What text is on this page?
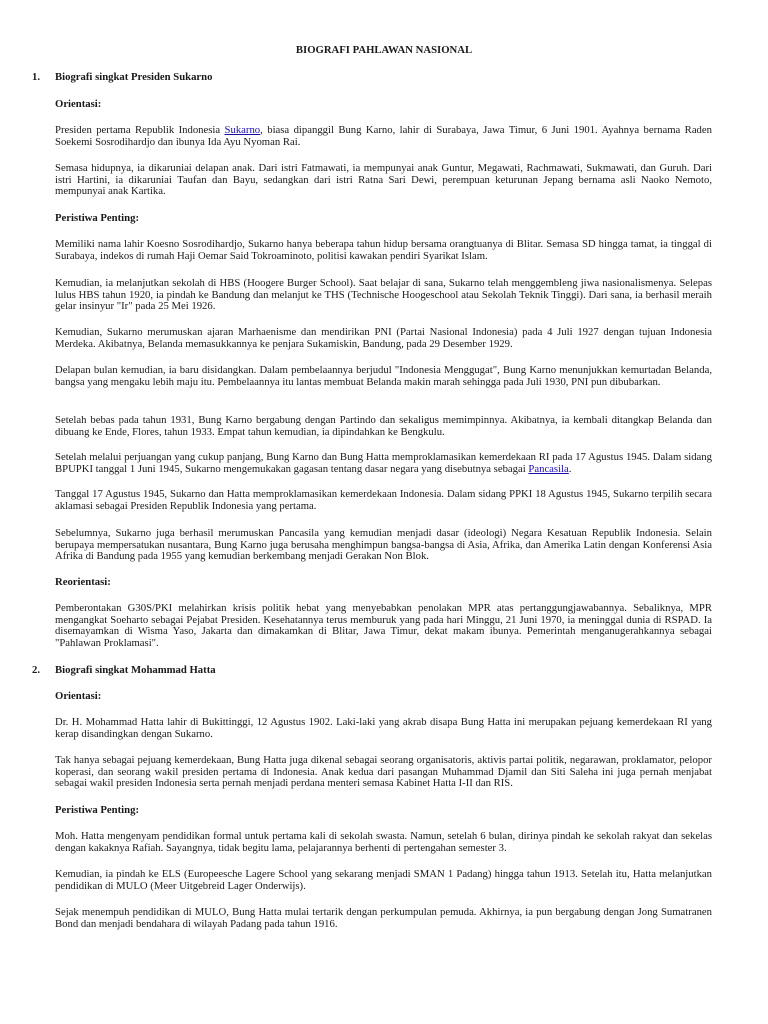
BIOGRAFI PAHLAWAN NASIONAL
1. Biografi singkat Presiden Sukarno
Orientasi:

Presiden pertama Republik Indonesia Sukarno, biasa dipanggil Bung Karno, lahir di Surabaya, Jawa Timur, 6 Juni 1901. Ayahnya bernama Raden Soekemi Sosrodihardjo dan ibunya Ida Ayu Nyoman Rai.

Semasa hidupnya, ia dikaruniai delapan anak. Dari istri Fatmawati, ia mempunyai anak Guntur, Megawati, Rachmawati, Sukmawati, dan Guruh. Dari istri Hartini, ia dikaruniai Taufan dan Bayu, sedangkan dari istri Ratna Sari Dewi, perempuan keturunan Jepang bernama asli Naoko Nemoto, mempunyai anak Kartika.

Peristiwa Penting:

Memiliki nama lahir Koesno Sosrodihardjo, Sukarno hanya beberapa tahun hidup bersama orangtuanya di Blitar. Semasa SD hingga tamat, ia tinggal di Surabaya, indekos di rumah Haji Oemar Said Tokroaminoto, politisi kawakan pendiri Syarikat Islam.

Kemudian, ia melanjutkan sekolah di HBS (Hoogere Burger School). Saat belajar di sana, Sukarno telah menggembleng jiwa nasionalismenya. Selepas lulus HBS tahun 1920, ia pindah ke Bandung dan melanjut ke THS (Technische Hoogeschool atau Sekolah Teknik Tinggi). Dari sana, ia berhasil meraih gelar insinyur "Ir" pada 25 Mei 1926.

Kemudian, Sukarno merumuskan ajaran Marhaenisme dan mendirikan PNI (Partai Nasional Indonesia) pada 4 Juli 1927 dengan tujuan Indonesia Merdeka. Akibatnya, Belanda memasukkannya ke penjara Sukamiskin, Bandung, pada 29 Desember 1929.

Delapan bulan kemudian, ia baru disidangkan. Dalam pembelaannya berjudul "Indonesia Menggugat", Bung Karno menunjukkan kemurtadan Belanda, bangsa yang mengaku lebih maju itu. Pembelaannya itu lantas membuat Belanda makin marah sehingga pada Juli 1930, PNI pun dibubarkan.

Setelah bebas pada tahun 1931, Bung Karno bergabung dengan Partindo dan sekaligus memimpinnya. Akibatnya, ia kembali ditangkap Belanda dan dibuang ke Ende, Flores, tahun 1933. Empat tahun kemudian, ia dipindahkan ke Bengkulu.

Setelah melalui perjuangan yang cukup panjang, Bung Karno dan Bung Hatta memproklamasikan kemerdekaan RI pada 17 Agustus 1945. Dalam sidang BPUPKI tanggal 1 Juni 1945, Sukarno mengemukakan gagasan tentang dasar negara yang disebutnya sebagai Pancasila.

Tanggal 17 Agustus 1945, Sukarno dan Hatta memproklamasikan kemerdekaan Indonesia. Dalam sidang PPKI 18 Agustus 1945, Sukarno terpilih secara aklamasi sebagai Presiden Republik Indonesia yang pertama.

Sebelumnya, Sukarno juga berhasil merumuskan Pancasila yang kemudian menjadi dasar (ideologi) Negara Kesatuan Republik Indonesia. Selain berupaya mempersatukan nusantara, Bung Karno juga berusaha menghimpun bangsa-bangsa di Asia, Afrika, dan Amerika Latin dengan Konferensi Asia Afrika di Bandung pada 1955 yang kemudian berkembang menjadi Gerakan Non Blok.

Reorientasi:

Pemberontakan G30S/PKI melahirkan krisis politik hebat yang menyebabkan penolakan MPR atas pertanggungjawabannya. Sebaliknya, MPR mengangkat Soeharto sebagai Pejabat Presiden. Kesehatannya terus memburuk yang pada hari Minggu, 21 Juni 1970, ia meninggal dunia di RSPAD. Ia disemayamkan di Wisma Yaso, Jakarta dan dimakamkan di Blitar, Jawa Timur, dekat makam ibunya. Pemerintah menganugerahkannya sebagai "Pahlawan Proklamasi".

2. Biografi singkat Mohammad Hatta
Orientasi:

Dr. H. Mohammad Hatta lahir di Bukittinggi, 12 Agustus 1902. Laki-laki yang akrab disapa Bung Hatta ini merupakan pejuang kemerdekaan RI yang kerap disandingkan dengan Sukarno.

Tak hanya sebagai pejuang kemerdekaan, Bung Hatta juga dikenal sebagai seorang organisatoris, aktivis partai politik, negarawan, proklamator, pelopor koperasi, dan seorang wakil presiden pertama di Indonesia. Anak kedua dari pasangan Muhammad Djamil dan Siti Saleha ini juga pernah menjabat sebagai wakil presiden Indonesia serta pernah menjadi perdana menteri semasa Kabinet Hatta I-II dan RIS.

Peristiwa Penting:

Moh. Hatta mengenyam pendidikan formal untuk pertama kali di sekolah swasta. Namun, setelah 6 bulan, dirinya pindah ke sekolah rakyat dan sekelas dengan kakaknya Rafiah. Sayangnya, tidak begitu lama, pelajarannya berhenti di pertengahan semester 3.

Kemudian, ia pindah ke ELS (Europeesche Lagere School yang sekarang menjadi SMAN 1 Padang) hingga tahun 1913. Setelah itu, Hatta melanjutkan pendidikan di MULO (Meer Uitgebreid Lager Onderwijs).

Sejak menempuh pendidikan di MULO, Bung Hatta mulai tertarik dengan perkumpulan pemuda. Akhirnya, ia pun bergabung dengan Jong Sumatranen Bond dan menjadi bendahara di wilayah Padang pada tahun 1916.
